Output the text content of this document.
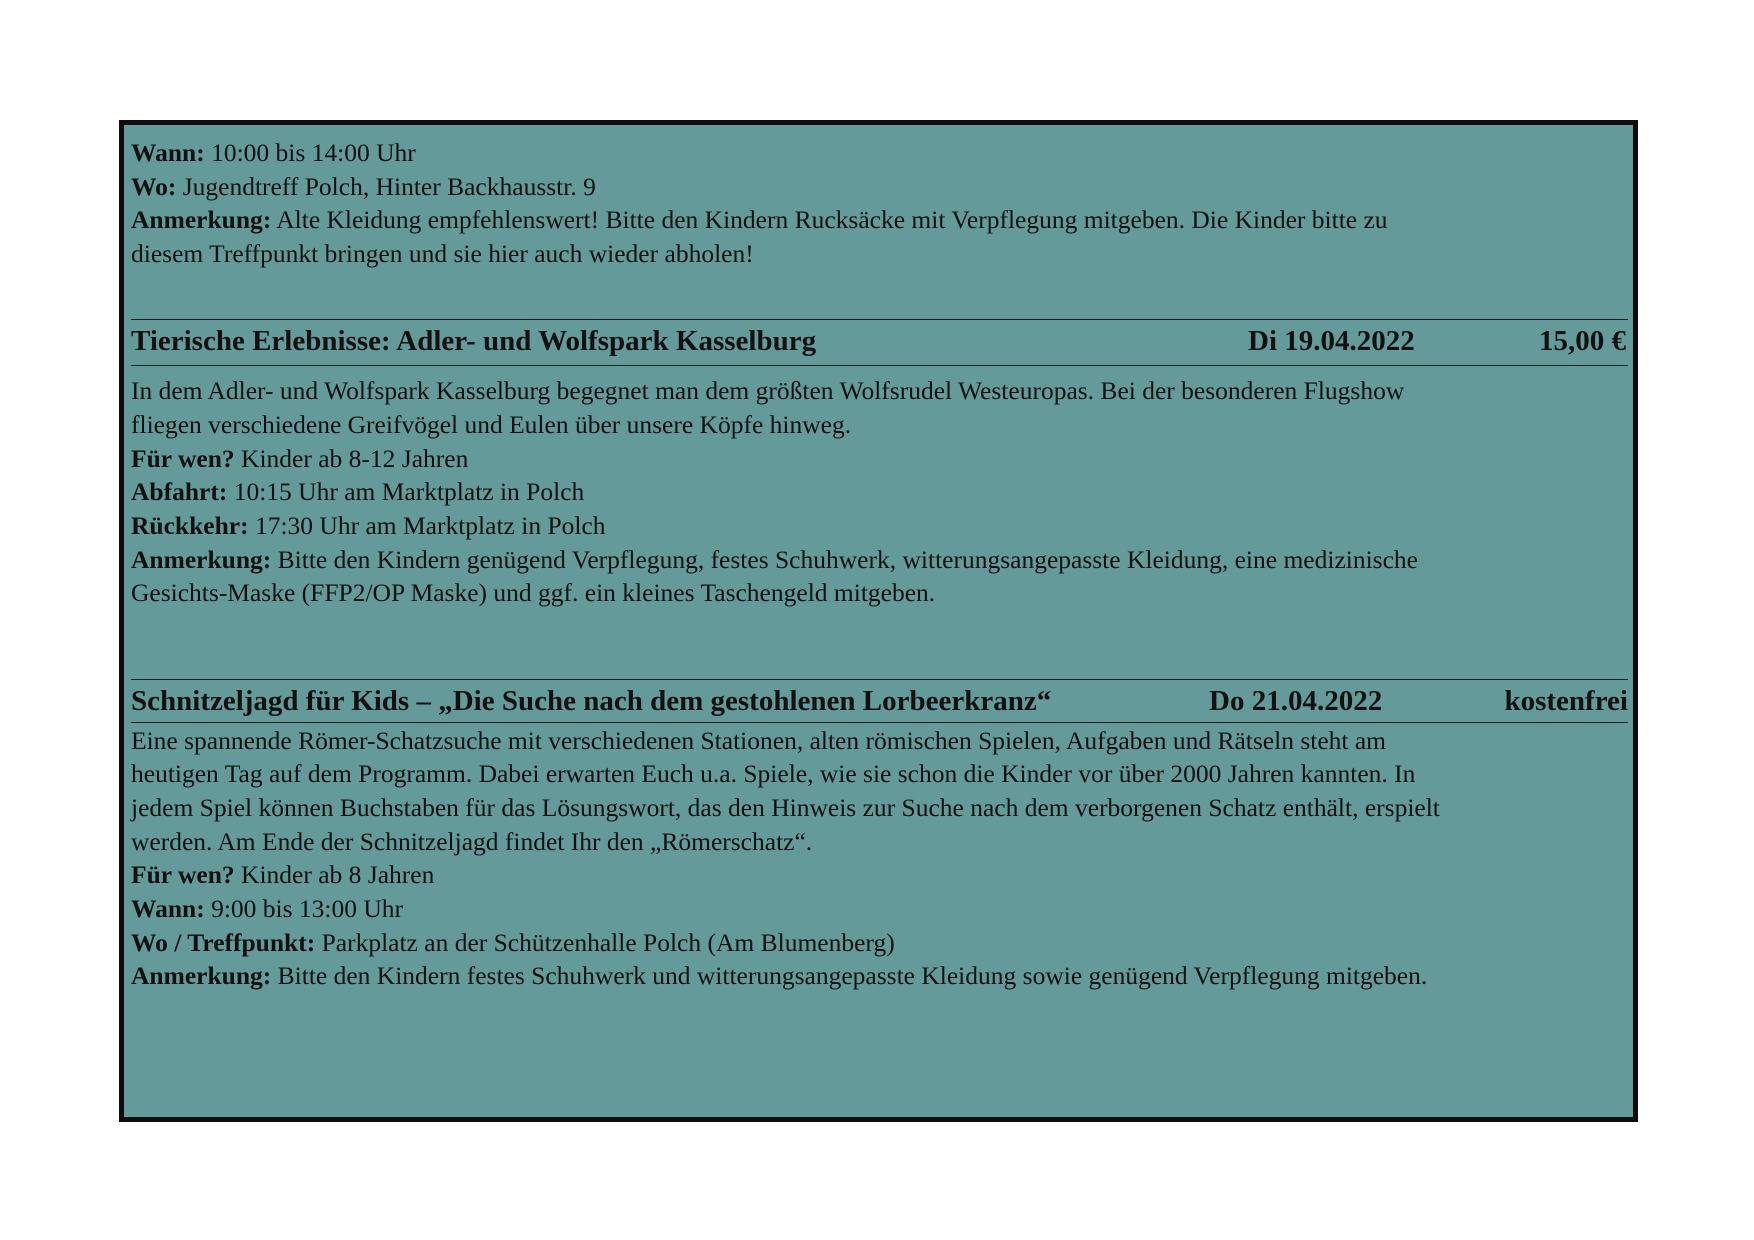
Wann: 10:00 bis 14:00 Uhr
Wo: Jugendtreff Polch, Hinter Backhausstr. 9
Anmerkung: Alte Kleidung empfehlenswert! Bitte den Kindern Rucksäcke mit Verpflegung mitgeben. Die Kinder bitte zu
diesem Treffpunkt bringen und sie hier auch wieder abholen!
Tierische Erlebnisse: Adler- und Wolfspark Kasselburg	Di 19.04.2022	15,00 €
In dem Adler- und Wolfspark Kasselburg begegnet man dem größten Wolfsrudel Westeuropas. Bei der besonderen Flugshow
fliegen verschiedene Greifvögel und Eulen über unsere Köpfe hinweg.
Für wen? Kinder ab 8-12 Jahren
Abfahrt: 10:15 Uhr am Marktplatz in Polch
Rückkehr: 17:30 Uhr am Marktplatz in Polch
Anmerkung: Bitte den Kindern genügend Verpflegung, festes Schuhwerk, witterungsangepasste Kleidung, eine medizinische
Gesichts-Maske (FFP2/OP Maske) und ggf. ein kleines Taschengeld mitgeben.
Schnitzeljagd für Kids – „Die Suche nach dem gestohlenen Lorbeerkranz“	Do 21.04.2022	kostenfrei
Eine spannende Römer-Schatzsuche mit verschiedenen Stationen, alten römischen Spielen, Aufgaben und Rätseln steht am
heutigen Tag auf dem Programm. Dabei erwarten Euch u.a. Spiele, wie sie schon die Kinder vor über 2000 Jahren kannten. In
jedem Spiel können Buchstaben für das Lösungswort, das den Hinweis zur Suche nach dem verborgenen Schatz enthält, erspielt
werden. Am Ende der Schnitzeljagd findet Ihr den „Römerschatz“.
Für wen? Kinder ab 8 Jahren
Wann: 9:00 bis 13:00 Uhr
Wo / Treffpunkt: Parkplatz an der Schützenhalle Polch (Am Blumenberg)
Anmerkung: Bitte den Kindern festes Schuhwerk und witterungsangepasste Kleidung sowie genügend Verpflegung mitgeben.
